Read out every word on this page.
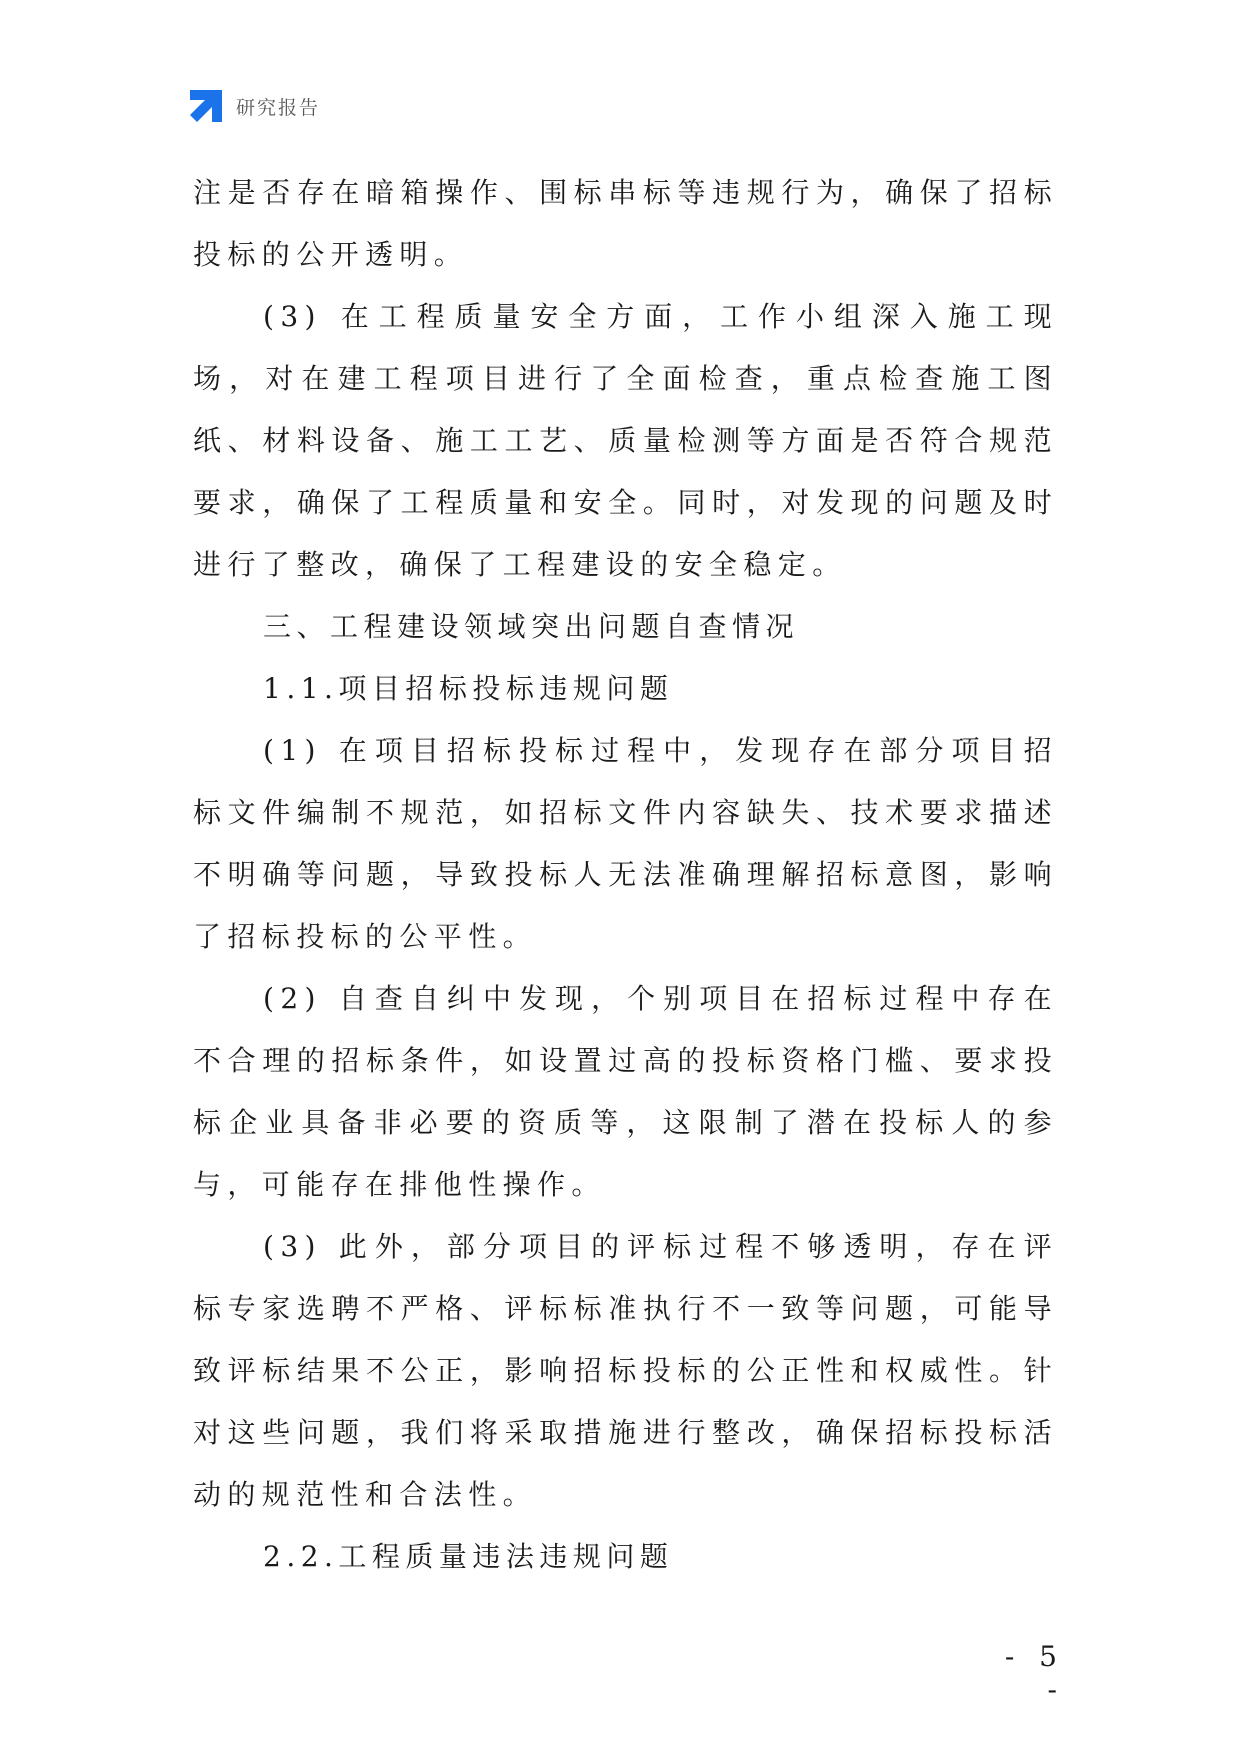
研究报告

注是否存在暗箱操作、围标串标等违规行为，确保了招标投标的公开透明。

(3) 在工程质量安全方面，工作小组深入施工现场，对在建工程项目进行了全面检查，重点检查施工图纸、材料设备、施工工艺、质量检测等方面是否符合规范要求，确保了工程质量和安全。同时，对发现的问题及时进行了整改，确保了工程建设的安全稳定。

三、工程建设领域突出问题自查情况

1.1.项目招标投标违规问题

(1) 在项目招标投标过程中，发现存在部分项目招标文件编制不规范，如招标文件内容缺失、技术要求描述不明确等问题，导致投标人无法准确理解招标意图，影响了招标投标的公平性。

(2) 自查自纠中发现，个别项目在招标过程中存在不合理的招标条件，如设置过高的投标资格门槛、要求投标企业具备非必要的资质等，这限制了潜在投标人的参与，可能存在排他性操作。

(3) 此外，部分项目的评标过程不够透明，存在评标专家选聘不严格、评标标准执行不一致等问题，可能导致评标结果不公正，影响招标投标的公正性和权威性。针对这些问题，我们将采取措施进行整改，确保招标投标活动的规范性和合法性。

2.2.工程质量违法违规问题

- 5 -
